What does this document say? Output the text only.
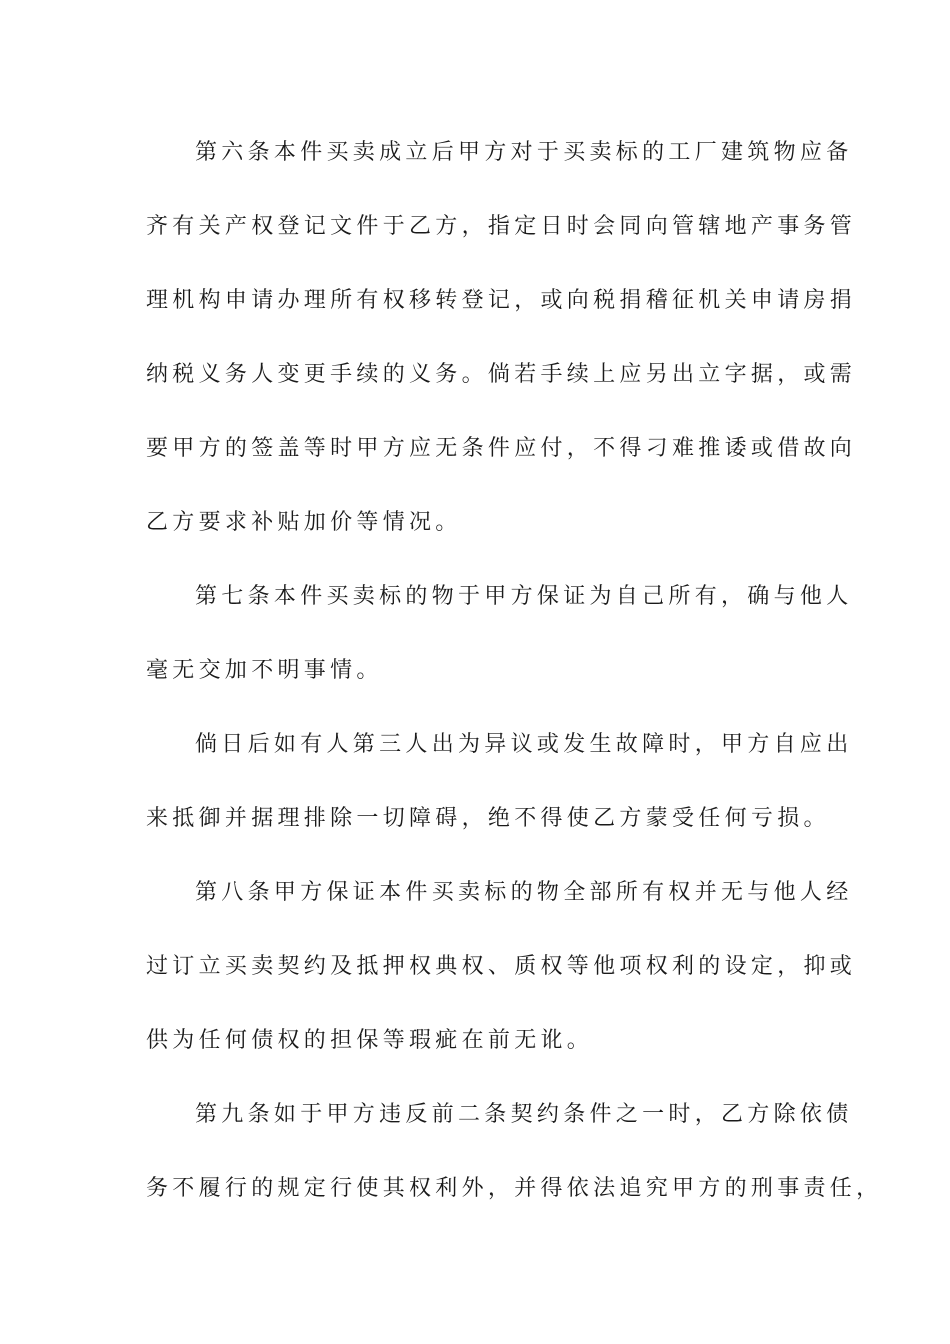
第六条本件买卖成立后甲方对于买卖标的工厂建筑物应备
齐有关产权登记文件于乙方，指定日时会同向管辖地产事务管
理机构申请办理所有权移转登记，或向税捐稽征机关申请房捐
纳税义务人变更手续的义务。倘若手续上应另出立字据，或需
要甲方的签盖等时甲方应无条件应付，不得刁难推诿或借故向
乙方要求补贴加价等情况。
第七条本件买卖标的物于甲方保证为自己所有，确与他人
毫无交加不明事情。
倘日后如有人第三人出为异议或发生故障时，甲方自应出
来抵御并据理排除一切障碍，绝不得使乙方蒙受任何亏损。
第八条甲方保证本件买卖标的物全部所有权并无与他人经
过订立买卖契约及抵押权典权、质权等他项权利的设定，抑或
供为任何债权的担保等瑕疵在前无讹。
第九条如于甲方违反前二条契约条件之一时，乙方除依债
务不履行的规定行使其权利外，并得依法追究甲方的刑事责任，
